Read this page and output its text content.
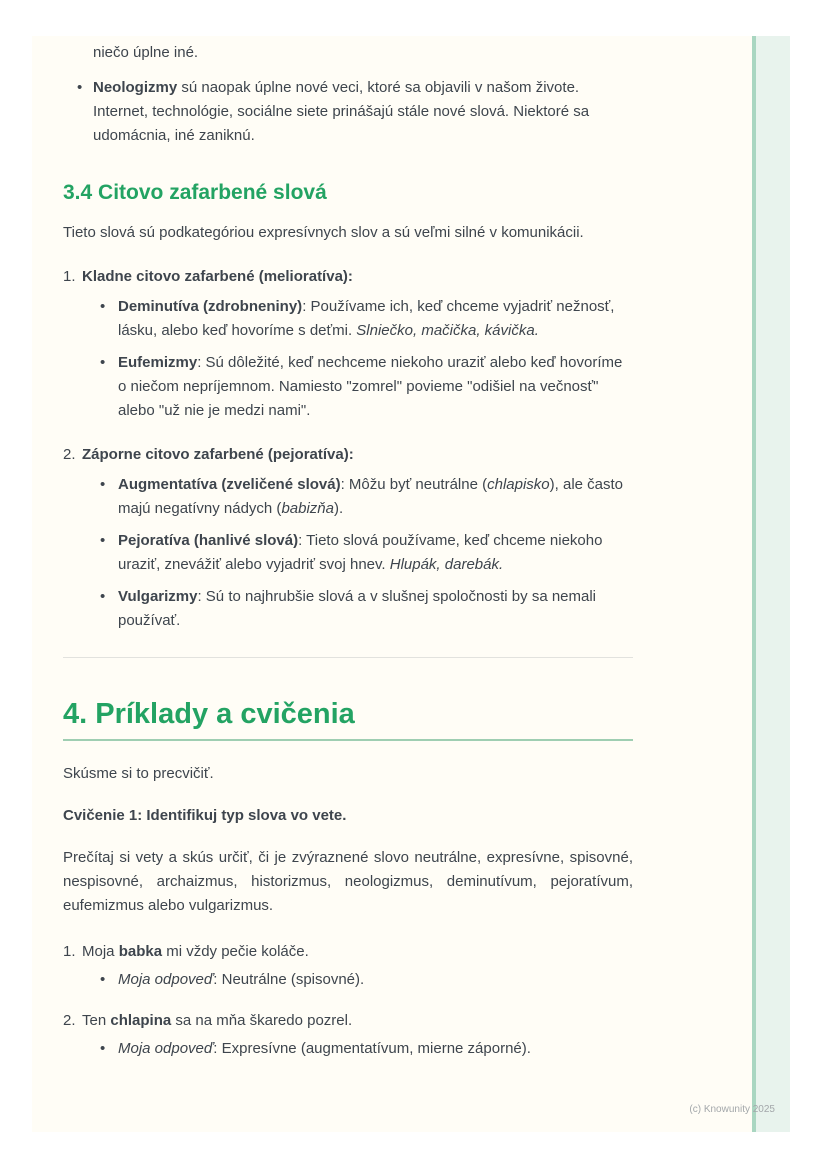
niečo úplne iné.

• Neologizmy sú naopak úplne nové veci, ktoré sa objavili v našom živote. Internet, technológie, sociálne siete prinášajú stále nové slová. Niektoré sa udomácnia, iné zaniknú.
3.4 Citovo zafarbené slová

Tieto slová sú podkategóriou expresívnych slov a sú veľmi silné v komunikácii.

1. Kladne citovo zafarbené (melioratíva):
• Deminutíva (zdrobneniny): Používame ich, keď chceme vyjadriť nežnosť, lásku, alebo keď hovoríme s deťmi. Slniečko, mačička, kávička.
• Eufemizmy: Sú dôležité, keď nechceme niekoho uraziť alebo keď hovoríme o niečom nepríjemnom. Namiesto "zomrel" povieme "odišiel na večnosť" alebo "už nie je medzi nami".
2. Záporne citovo zafarbené (pejoratíva):
• Augmentatíva (zveličené slová): Môžu byť neutrálne (chlapisko), ale často majú negatívny nádych (babizňa).
• Pejoratíva (hanlivé slová): Tieto slová používame, keď chceme niekoho uraziť, znevážiť alebo vyjadriť svoj hnev. Hlupák, darebák.
• Vulgarizmy: Sú to najhrubšie slová a v slušnej spoločnosti by sa nemali používať.
4. Príklady a cvičenia

Skúsme si to precvičiť.

Cvičenie 1: Identifikuj typ slova vo vete.

Prečítaj si vety a skús určiť, či je zvýraznené slovo neutrálne, expresívne, spisovné, nespisovné, archaizmus, historizmus, neologizmus, deminutívum, pejoratívum, eufemizmus alebo vulgarizmus.

1. Moja babka mi vždy pečie koláče.
• Moja odpoveď: Neutrálne (spisovné).
2. Ten chlapina sa na mňa škaredo pozrel.
• Moja odpoveď: Expresívne (augmentatívum, mierne záporné).
(c) Knowunity 2025
